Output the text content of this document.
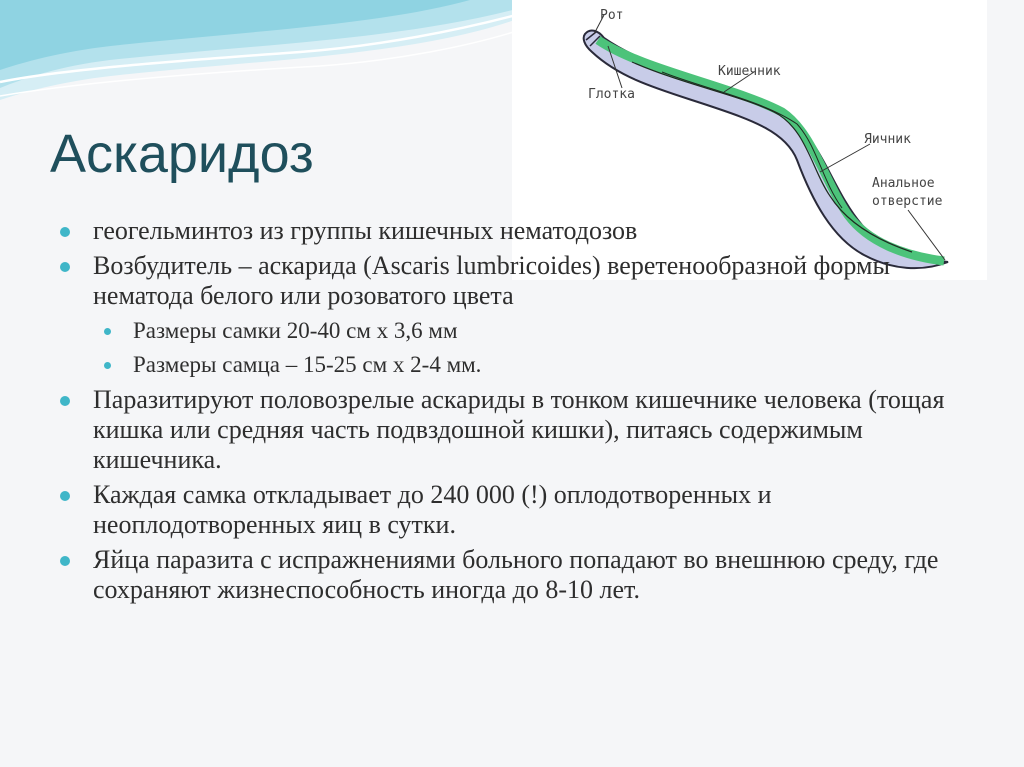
Рот
Глотка
Кишечник
Яичник
Анальное
отверстие
Аскаридоз
геогельминтоз из группы кишечных нематодозов
Возбудитель – аскарида (Ascaris lumbricoides) веретенообразной формы нематода белого или розоватого цвета
Размеры самки 20-40 см х 3,6 мм
Размеры самца – 15-25 см х 2-4 мм.
Паразитируют половозрелые аскариды в тонком кишечнике человека (тощая кишка или средняя часть подвздошной кишки), питаясь содержимым кишечника.
Каждая самка откладывает до 240 000 (!) оплодотворенных и неоплодотворенных яиц в сутки.
Яйца паразита с испражнениями больного попадают во внешнюю среду, где сохраняют жизнеспособность иногда до 8-10 лет.
